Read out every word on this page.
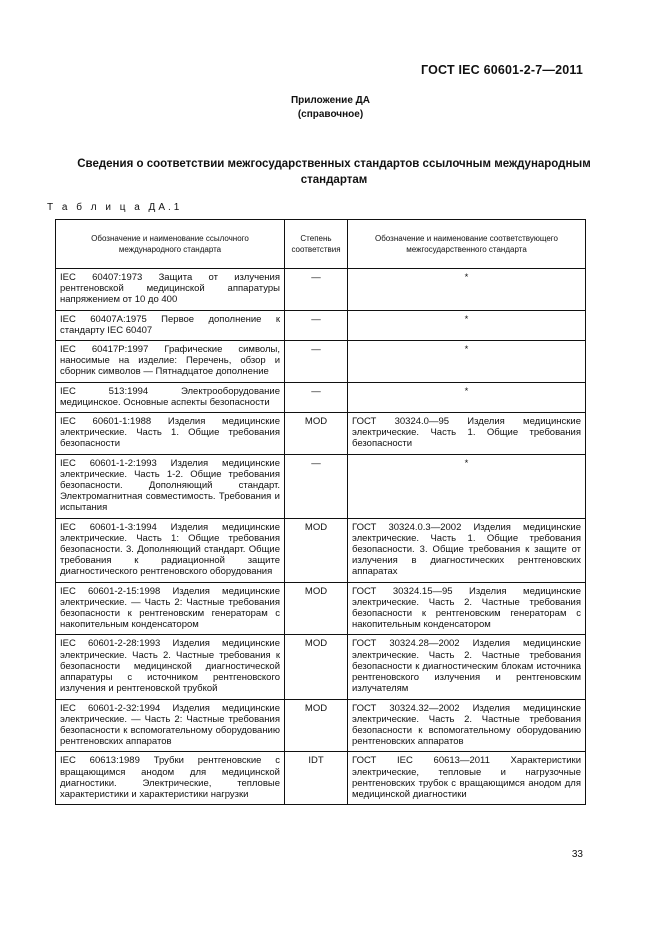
ГОСТ IEC 60601-2-7—2011
Приложение ДА
(справочное)
Сведения о соответствии межгосударственных стандартов ссылочным международным стандартам
Т а б л и ц а ДА.1
Обозначение и наименование ссылочного международного стандарта	Степень соответствия	Обозначение и наименование соответствующего межгосударственного стандарта
IEC 60407:1973 Защита от излучения рентгеновской медицинской аппаратуры напряжением от 10 до 400	—	*
IEC 60407A:1975 Первое дополнение к стандарту IEC 60407	—	*
IEC 60417P:1997 Графические символы, наносимые на изделие: Перечень, обзор и сборник символов — Пятнадцатое дополнение	—	*
IEC 513:1994 Электрооборудование медицинское. Основные аспекты безопасности	—	*
IEC 60601-1:1988 Изделия медицинские электрические. Часть 1. Общие требования безопасности	MOD	ГОСТ 30324.0—95 Изделия медицинские электрические. Часть 1. Общие требования безопасности
IEC 60601-1-2:1993 Изделия медицинские электрические. Часть 1-2. Общие требования безопасности. Дополняющий стандарт. Электромагнитная совместимость. Требования и испытания	—	*
IEC 60601-1-3:1994 Изделия медицинские электрические. Часть 1: Общие требования безопасности. 3. Дополняющий стандарт. Общие требования к радиационной защите диагностического рентгеновского оборудования	MOD	ГОСТ 30324.0.3—2002 Изделия медицинские электрические. Часть 1. Общие требования безопасности. 3. Общие требования к защите от излучения в диагностических рентгеновских аппаратах
IEC 60601-2-15:1998 Изделия медицинские электрические. — Часть 2: Частные требования безопасности к рентгеновским генераторам с накопительным конденсатором	MOD	ГОСТ 30324.15—95 Изделия медицинские электрические. Часть 2. Частные требования безопасности к рентгеновским генераторам с накопительным конденсатором
IEC 60601-2-28:1993 Изделия медицинские электрические. Часть 2. Частные требования к безопасности медицинской диагностической аппаратуры с источником рентгеновского излучения и рентгеновской трубкой	MOD	ГОСТ 30324.28—2002 Изделия медицинские электрические. Часть 2. Частные требования безопасности к диагностическим блокам источника рентгеновского излучения и рентгеновским излучателям
IEC 60601-2-32:1994 Изделия медицинские электрические. — Часть 2: Частные требования безопасности к вспомогательному оборудованию рентгеновских аппаратов	MOD	ГОСТ 30324.32—2002 Изделия медицинские электрические. Часть 2. Частные требования безопасности к вспомогательному оборудованию рентгеновских аппаратов
IEC 60613:1989 Трубки рентгеновские с вращающимся анодом для медицинской диагностики. Электрические, тепловые характеристики и характеристики нагрузки	IDT	ГОСТ IEC 60613—2011 Характеристики электрические, тепловые и нагрузочные рентгеновских трубок с вращающимся анодом для медицинской диагностики
33
